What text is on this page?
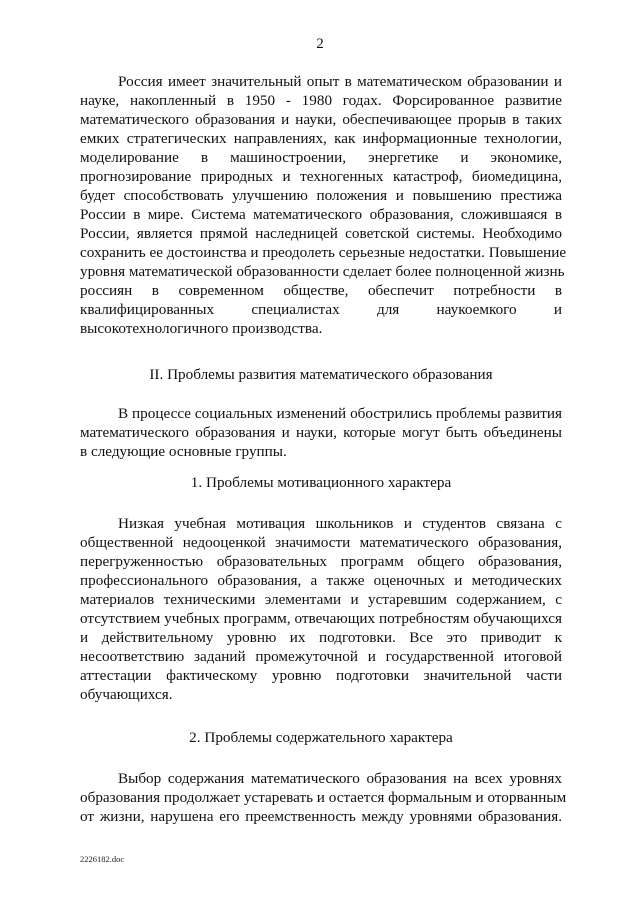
2
Россия имеет значительный опыт в математическом образовании и
науке, накопленный в 1950 - 1980 годах. Форсированное развитие
математического образования и науки, обеспечивающее прорыв в таких
емких стратегических направлениях, как информационные технологии,
моделирование в машиностроении, энергетике и экономике,
прогнозирование природных и техногенных катастроф, биомедицина,
будет способствовать улучшению положения и повышению престижа
России в мире. Система математического образования, сложившаяся в
России, является прямой наследницей советской системы. Необходимо
сохранить ее достоинства и преодолеть серьезные недостатки. Повышение
уровня математической образованности сделает более полноценной жизнь
россиян в современном обществе, обеспечит потребности в
квалифицированных специалистах для наукоемкого и
высокотехнологичного производства.
II. Проблемы развития математического образования
В процессе социальных изменений обострились проблемы развития
математического образования и науки, которые могут быть объединены
в следующие основные группы.
1. Проблемы мотивационного характера
Низкая учебная мотивация школьников и студентов связана с
общественной недооценкой значимости математического образования,
перегруженностью образовательных программ общего образования,
профессионального образования, а также оценочных и методических
материалов техническими элементами и устаревшим содержанием, с
отсутствием учебных программ, отвечающих потребностям обучающихся
и действительному уровню их подготовки. Все это приводит к
несоответствию заданий промежуточной и государственной итоговой
аттестации фактическому уровню подготовки значительной части
обучающихся.
2. Проблемы содержательного характера
Выбор содержания математического образования на всех уровнях
образования продолжает устаревать и остается формальным и оторванным
от жизни, нарушена его преемственность между уровнями образования.
2226182.doc
